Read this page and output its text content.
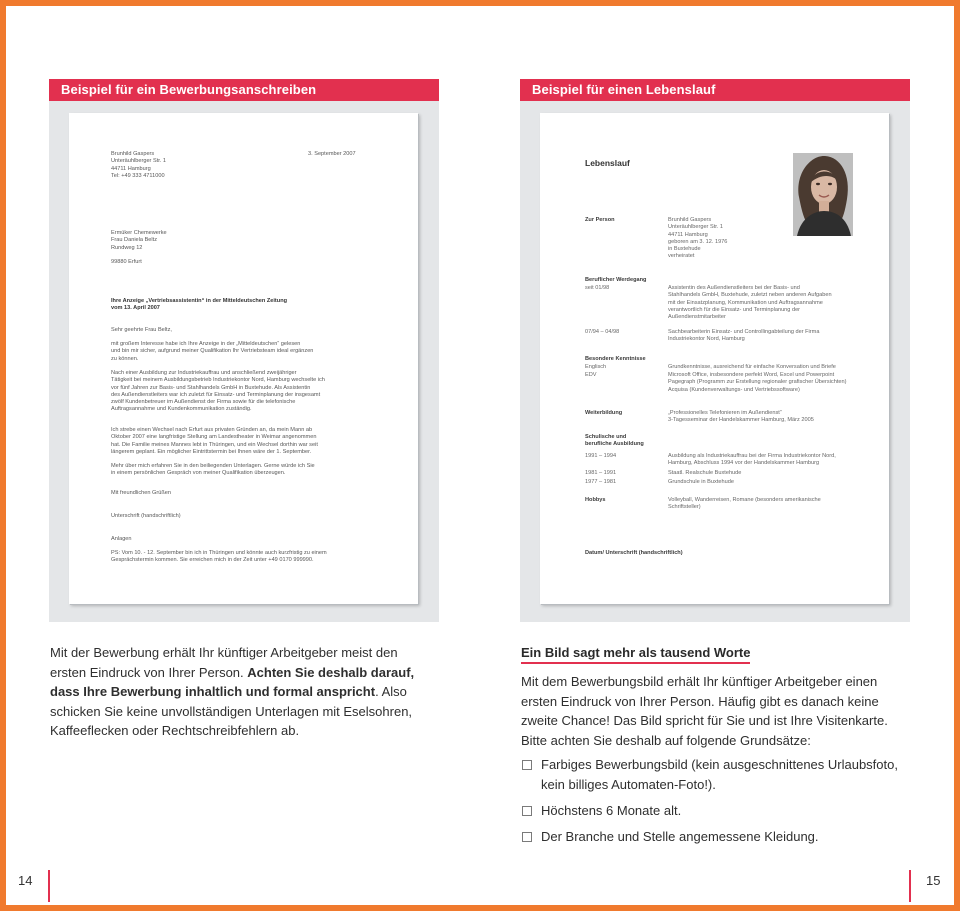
Beispiel für ein Bewerbungsanschreiben
Brunhild Gaspers
Unteräuhlberger Str. 1
44711 Hamburg
Tel: +49 333 4711000
3. September 2007
Ermüker Chemewerke
Frau Daniela Beltz
Rundweg 12
99880 Erfurt
Ihre Anzeige „Vertriebsassistentin“ in der Mitteldeutschen Zeitung
vom 13. April 2007
Sehr geehrte Frau Beltz,
mit großem Interesse habe ich Ihre Anzeige in der „Mitteldeutschen“ gelesen
und bin mir sicher, aufgrund meiner Qualifikation Ihr Vertriebsteam ideal ergänzen
zu können.
Nach einer Ausbildung zur Industriekauffrau und anschließend zweijähriger
Tätigkeit bei meinem Ausbildungsbetrieb Industriekontor Nord, Hamburg wechselte ich
vor fünf Jahren zur Basis- und Stahlhandels GmbH in Buxtehude. Als Assistentin
des Außendienstleiters war ich zuletzt für Einsatz- und Terminplanung der insgesamt
zwölf Kundenbetreuer im Außendienst der Firma sowie für die telefonische
Auftragsannahme und Kundenkommunikation zuständig.
Ich strebe einen Wechsel nach Erfurt aus privaten Gründen an, da mein Mann ab
Oktober 2007 eine langfristige Stellung am Landestheater in Weimar angenommen
hat. Die Familie meines Mannes lebt in Thüringen, und ein Wechsel dorthin war seit
längerem geplant. Ein möglicher Eintrittstermin bei Ihnen wäre der 1. September.
Mehr über mich erfahren Sie in den beiliegenden Unterlagen. Gerne würde ich Sie
in einem persönlichen Gespräch von meiner Qualifikation überzeugen.
Mit freundlichen Grüßen
Unterschrift (handschriftlich)
Anlagen
PS: Vom 10. - 12. September bin ich in Thüringen und könnte auch kurzfristig zu einem
Gesprächstermin kommen. Sie erreichen mich in der Zeit unter +49 0170 999990.
Mit der Bewerbung erhält Ihr künftiger Arbeitgeber meist den ersten Eindruck von Ihrer Person. Achten Sie deshalb darauf, dass Ihre Bewerbung inhaltlich und formal anspricht. Also schicken Sie keine unvollständigen Unterlagen mit Eselsohren, Kaffeeflecken oder Rechtschreibfehlern ab.
14
Beispiel für einen Lebenslauf
Lebenslauf
Zur Person	Brunhild Gaspers
Unteräuhlberger Str. 1
44711 Hamburg
geboren am 3. 12. 1976
in Buxtehude
verheiratet
Beruflicher Werdegang
seit 01/98	Assistentin des Außendienstleiters bei der Basis- und
Stahlhandels GmbH, Buxtehude, zuletzt neben anderen Aufgaben
mit der Einsatzplanung, Kommunikation und Auftragsannahme
verantwortlich für die Einsatz- und Terminplanung der
Außendienstmitarbeiter
07/94 – 04/98	Sachbearbeiterin Einsatz- und Controllingabteilung der Firma
Industriekontor Nord, Hamburg
Besondere Kenntnisse
Englisch	Grundkenntnisse, ausreichend für einfache Konversation und Briefe
EDV	Microsoft Office, insbesondere perfekt Word, Excel und Powerpoint
Pagegraph (Programm zur Erstellung regionaler grafischer Übersichten)
Acquisa (Kundenverwaltungs- und Vertriebssoftware)
Weiterbildung	„Professionelles Telefonieren im Außendienst“
3-Tagesseminar der Handelskammer Hamburg, März 2005
Schulische und
berufliche Ausbildung
1991 – 1994	Ausbildung als Industriekauffrau bei der Firma Industriekontor Nord,
Hamburg, Abschluss 1994 vor der Handelskammer Hamburg
1981 – 1991	Staatl. Realschule Buxtehude
1977 – 1981	Grundschule in Buxtehude
Hobbys	Volleyball, Wanderreisen, Romane (besonders amerikanische
Schriftsteller)
Datum/ Unterschrift (handschriftlich)
Ein Bild sagt mehr als tausend Worte
Mit dem Bewerbungsbild erhält Ihr künftiger Arbeitgeber einen ersten Eindruck von Ihrer Person. Häufig gibt es danach keine zweite Chance! Das Bild spricht für Sie und ist Ihre Visitenkarte. Bitte achten Sie deshalb auf folgende Grundsätze:
Farbiges Bewerbungsbild (kein ausgeschnittenes Urlaubsfoto, kein billiges Automaten-Foto!).
Höchstens 6 Monate alt.
Der Branche und Stelle angemessene Kleidung.
15
